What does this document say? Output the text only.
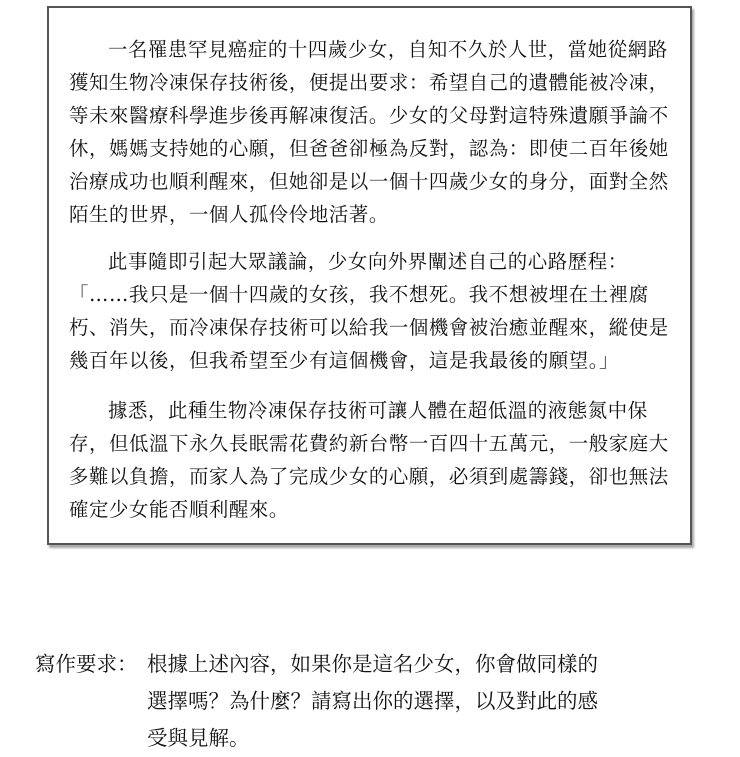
一名罹患罕見癌症的十四歲少女，自知不久於人世，當她從網路
獲知生物冷凍保存技術後，便提出要求：希望自己的遺體能被冷凍，
等未來醫療科學進步後再解凍復活。少女的父母對這特殊遺願爭論不
休，媽媽支持她的心願，但爸爸卻極為反對，認為：即使二百年後她
治療成功也順利醒來，但她卻是以一個十四歲少女的身分，面對全然
陌生的世界，一個人孤伶伶地活著。

此事隨即引起大眾議論，少女向外界闡述自己的心路歷程：
「……我只是一個十四歲的女孩，我不想死。我不想被埋在土裡腐
朽、消失，而冷凍保存技術可以給我一個機會被治癒並醒來，縱使是
幾百年以後，但我希望至少有這個機會，這是我最後的願望。」

據悉，此種生物冷凍保存技術可讓人體在超低溫的液態氮中保
存，但低溫下永久長眠需花費約新台幣一百四十五萬元，一般家庭大
多難以負擔，而家人為了完成少女的心願，必須到處籌錢，卻也無法
確定少女能否順利醒來。

寫作要求： 根據上述內容，如果你是這名少女，你會做同樣的
選擇嗎？為什麼？請寫出你的選擇，以及對此的感
受與見解。
